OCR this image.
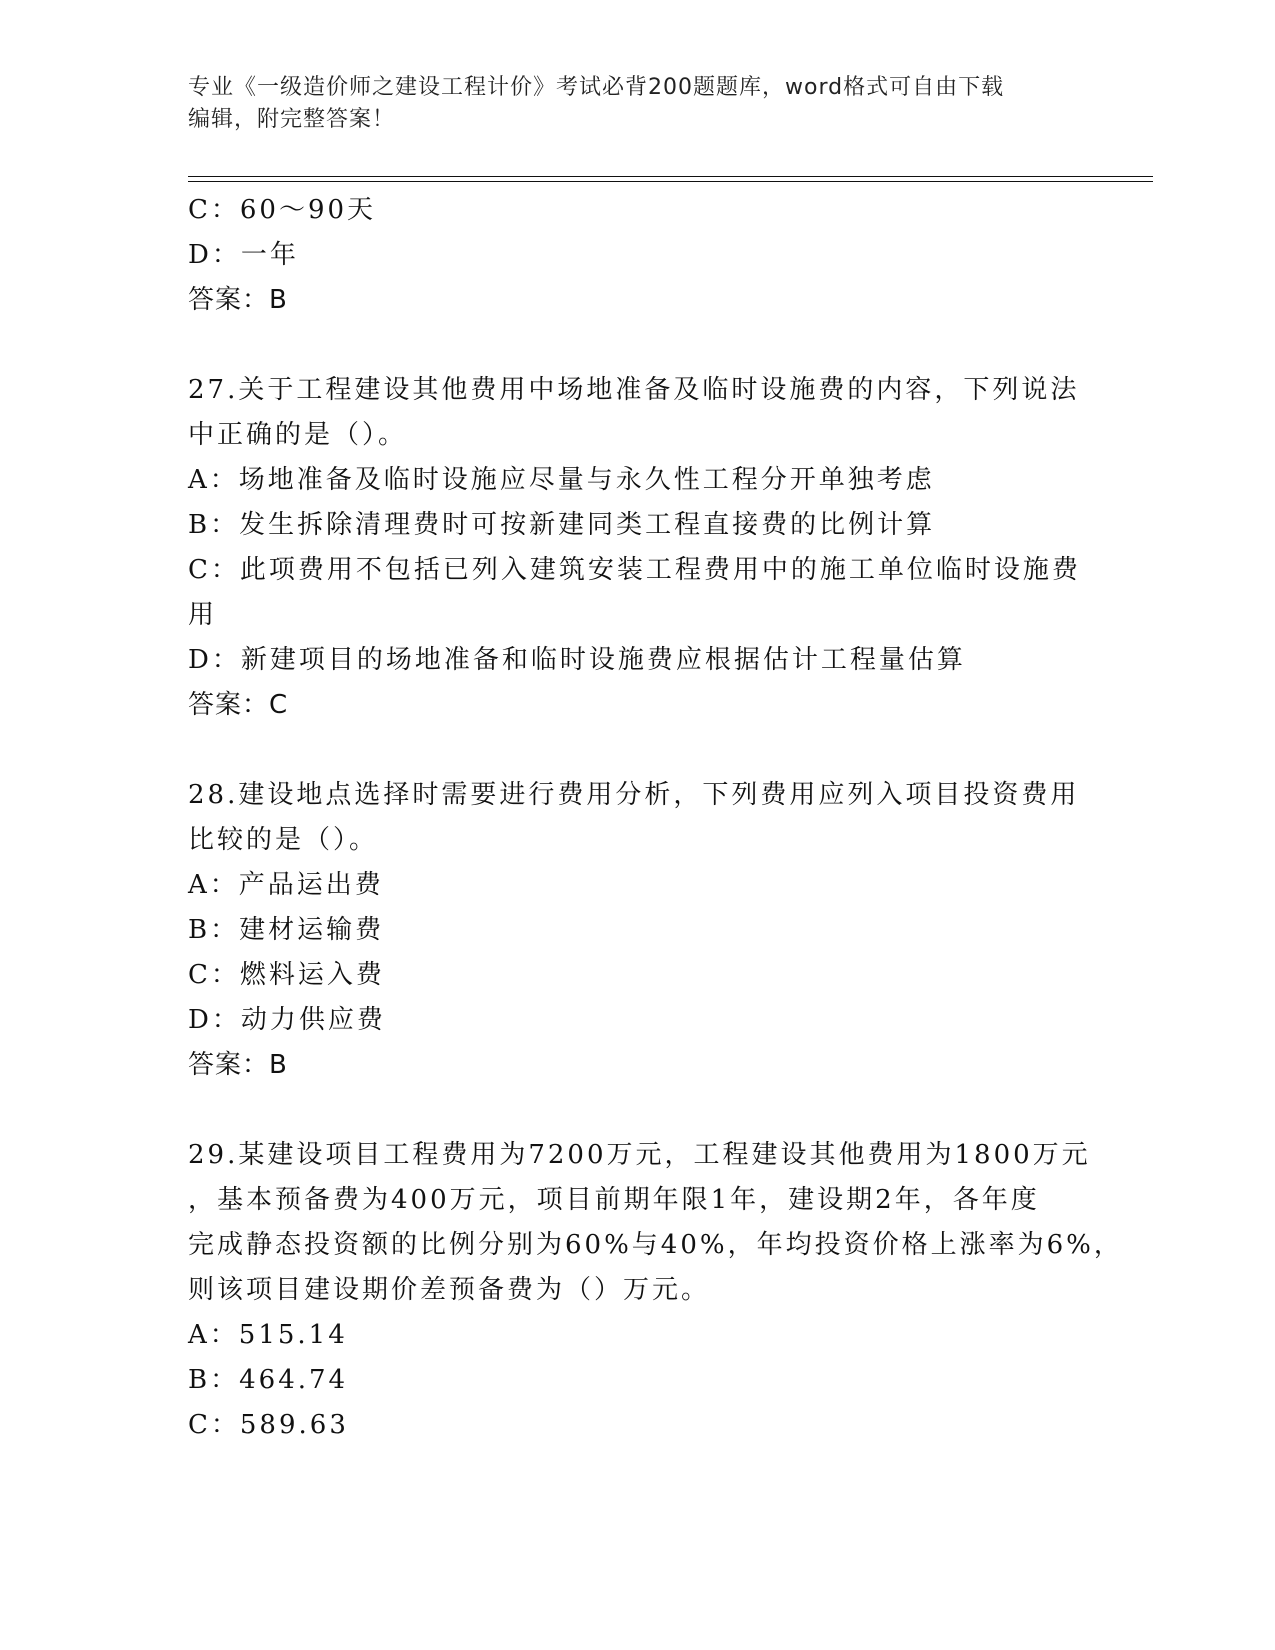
专业《一级造价师之建设工程计价》考试必背200题题库，word格式可自由下载

编辑，附完整答案！

C：60～90天

D：一年

答案：B

27.关于工程建设其他费用中场地准备及临时设施费的内容，下列说法

中正确的是（）。

A：场地准备及临时设施应尽量与永久性工程分开单独考虑

B：发生拆除清理费时可按新建同类工程直接费的比例计算

C：此项费用不包括已列入建筑安装工程费用中的施工单位临时设施费

用

D：新建项目的场地准备和临时设施费应根据估计工程量估算

答案：C

28.建设地点选择时需要进行费用分析，下列费用应列入项目投资费用

比较的是（）。

A：产品运出费

B：建材运输费

C：燃料运入费

D：动力供应费

答案：B

29.某建设项目工程费用为7200万元，工程建设其他费用为1800万元

，基本预备费为400万元，项目前期年限1年，建设期2年，各年度

完成静态投资额的比例分别为60%与40%，年均投资价格上涨率为6%，

则该项目建设期价差预备费为（）万元。

A：515.14

B：464.74

C：589.63
